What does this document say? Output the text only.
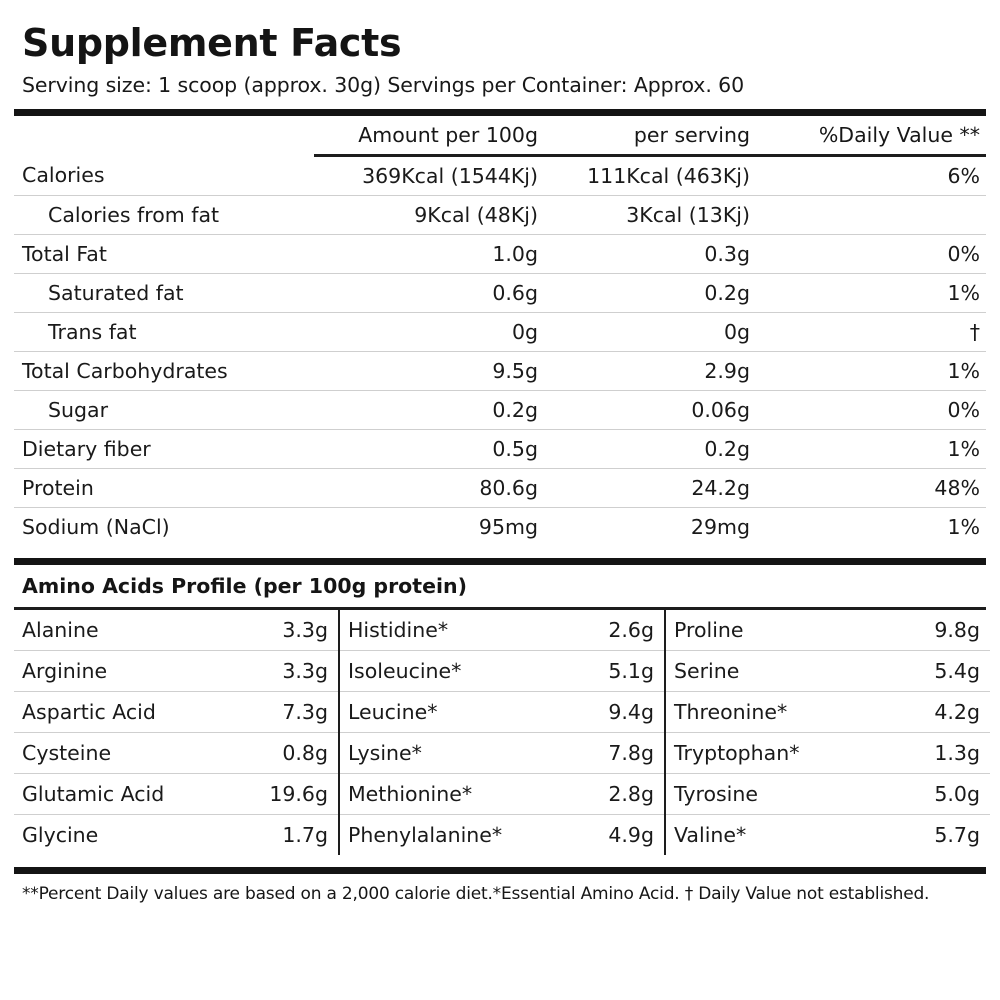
Supplement Facts
Serving size: 1 scoop (approx. 30g) Servings per Container: Approx. 60
	Amount per 100g	per serving	%Daily Value **
Calories	369Kcal (1544Kj)	111Kcal (463Kj)	6%
Calories from fat	9Kcal (48Kj)	3Kcal (13Kj)	
Total Fat	1.0g	0.3g	0%
Saturated fat	0.6g	0.2g	1%
Trans fat	0g	0g	†
Total Carbohydrates	9.5g	2.9g	1%
Sugar	0.2g	0.06g	0%
Dietary fiber	0.5g	0.2g	1%
Protein	80.6g	24.2g	48%
Sodium (NaCl)	95mg	29mg	1%
Amino Acids Profile (per 100g protein)
Alanine	3.3g		Histidine*	2.6g		Proline	9.8g
Arginine	3.3g		Isoleucine*	5.1g		Serine	5.4g
Aspartic Acid	7.3g		Leucine*	9.4g		Threonine*	4.2g
Cysteine	0.8g		Lysine*	7.8g		Tryptophan*	1.3g
Glutamic Acid	19.6g		Methionine*	2.8g		Tyrosine	5.0g
Glycine	1.7g		Phenylalanine*	4.9g		Valine*	5.7g
**Percent Daily values are based on a 2,000 calorie diet.*Essential Amino Acid. † Daily Value not established.
